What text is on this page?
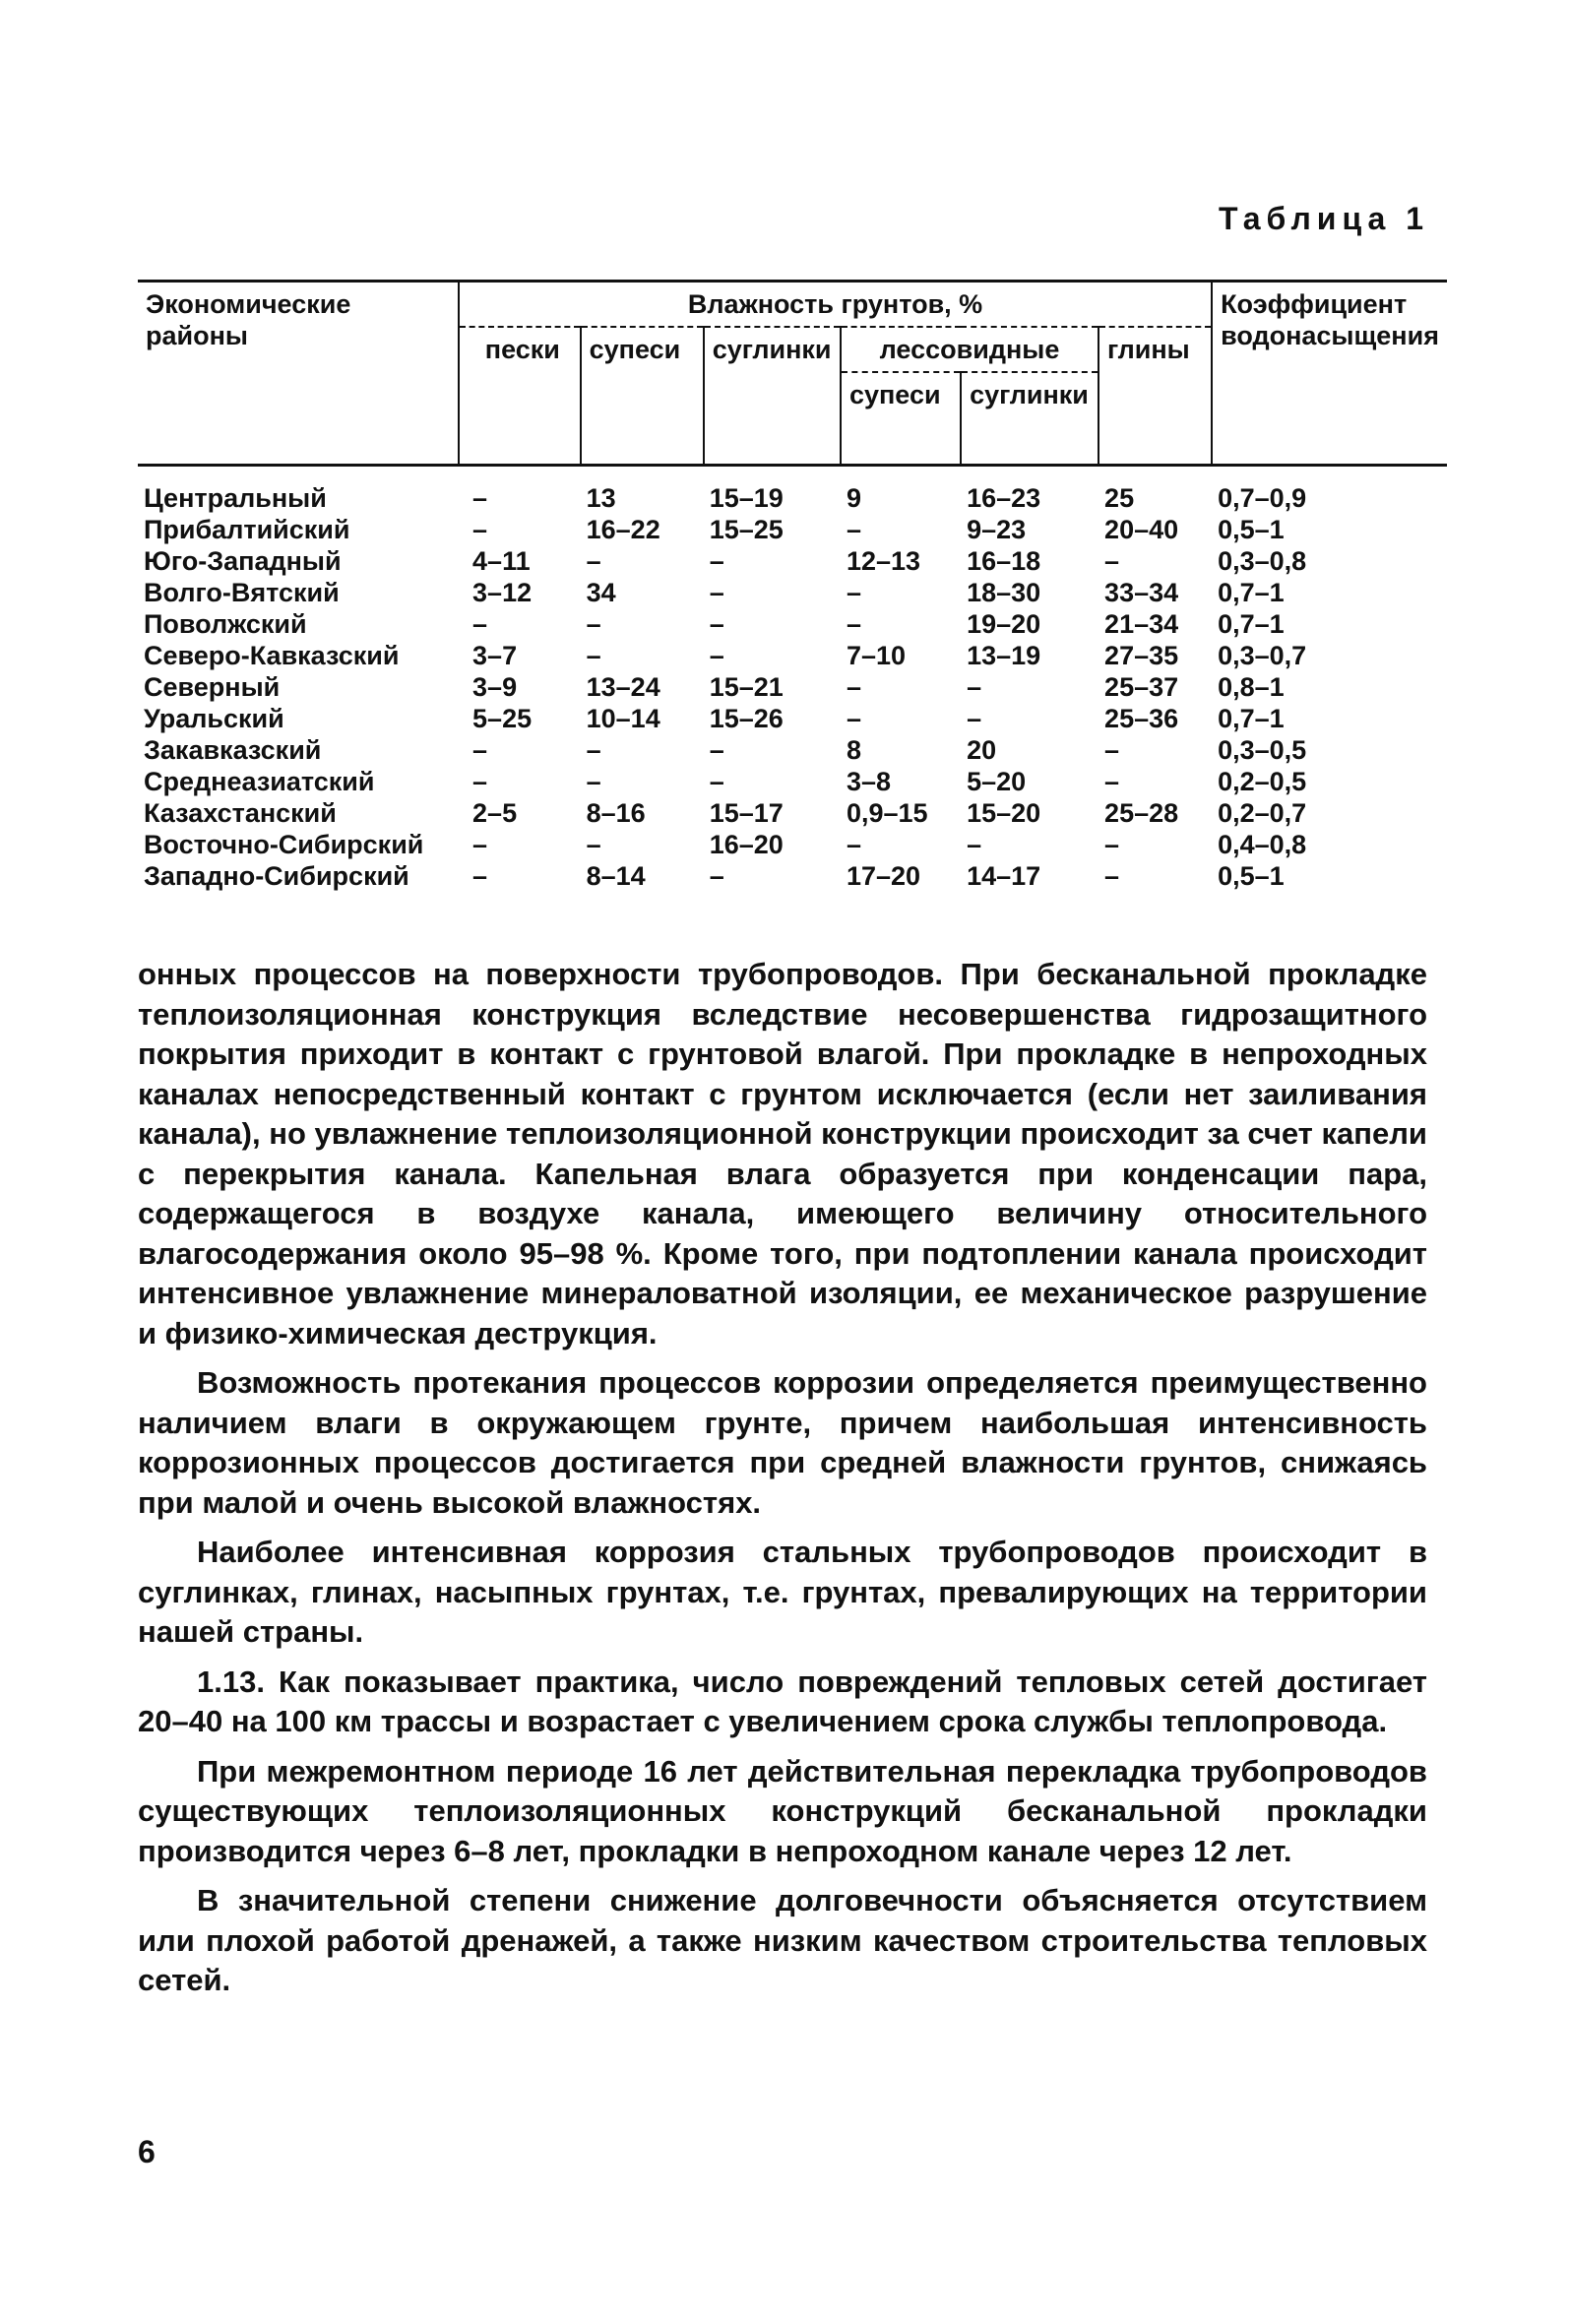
Таблица 1
Экономические районы	Влажность грунтов, %						Коэффициент водонасыщения
	пески	супеси	суглинки	лессовидные		глины	
				супеси	суглинки		
Центральный	–	13	15–19	9	16–23	25	0,7–0,9
Прибалтийский	–	16–22	15–25	–	9–23	20–40	0,5–1
Юго-Западный	4–11	–	–	12–13	16–18	–	0,3–0,8
Волго-Вятский	3–12	34	–	–	18–30	33–34	0,7–1
Поволжский	–	–	–	–	19–20	21–34	0,7–1
Северо-Кавказский	3–7	–	–	7–10	13–19	27–35	0,3–0,7
Северный	3–9	13–24	15–21	–	–	25–37	0,8–1
Уральский	5–25	10–14	15–26	–	–	25–36	0,7–1
Закавказский	–	–	–	8	20	–	0,3–0,5
Среднеазиатский	–	–	–	3–8	5–20	–	0,2–0,5
Казахстанский	2–5	8–16	15–17	0,9–15	15–20	25–28	0,2–0,7
Восточно-Сибирский	–	–	16–20	–	–	–	0,4–0,8
Западно-Сибирский	–	8–14	–	17–20	14–17	–	0,5–1

онных процессов на поверхности трубопроводов. При бесканальной прокладке теплоизоляционная конструкция вследствие несовершенства гидрозащитного покрытия приходит в контакт с грунтовой влагой. При прокладке в непроходных каналах непосредственный контакт с грунтом исключается (если нет заиливания канала), но увлажнение теплоизоляционной конструкции происходит за счет капели с перекрытия канала. Капельная влага образуется при конденсации пара, содержащегося в воздухе канала, имеющего величину относительного влагосодержания около 95–98 %. Кроме того, при подтоплении канала происходит интенсивное увлажнение минераловатной изоляции, ее механическое разрушение и физико-химическая деструкция.

Возможность протекания процессов коррозии определяется преимущественно наличием влаги в окружающем грунте, причем наибольшая интенсивность коррозионных процессов достигается при средней влажности грунтов, снижаясь при малой и очень высокой влажностях.

Наиболее интенсивная коррозия стальных трубопроводов происходит в суглинках, глинах, насыпных грунтах, т.е. грунтах, превалирующих на территории нашей страны.

1.13. Как показывает практика, число повреждений тепловых сетей достигает 20–40 на 100 км трассы и возрастает с увеличением срока службы теплопровода.

При межремонтном периоде 16 лет действительная перекладка трубопроводов существующих теплоизоляционных конструкций бесканальной прокладки производится через 6–8 лет, прокладки в непроходном канале через 12 лет.

В значительной степени снижение долговечности объясняется отсутствием или плохой работой дренажей, а также низким качеством строительства тепловых сетей.

6
